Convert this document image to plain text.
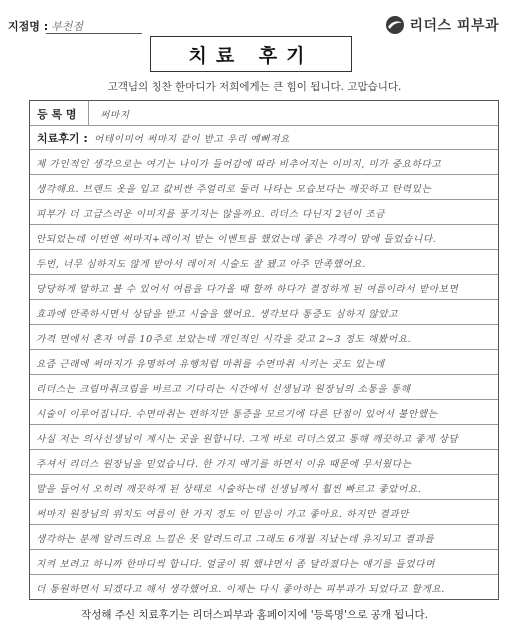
지점명 : 부천점	리더스 피부과
치료 후기
고객님의 칭찬 한마디가 저희에게는 큰 힘이 됩니다. 고맙습니다.
등 록 명 써마지
치료후기 : 어테이미어 써마지 같이 받고 우리 예뻐져요
제 가인적인 생각으로는 여기는 나이가 들어감에 따라 비추어지는 이미지, 미가 중요하다고
생각해요. 브랜드 옷을 입고 값비싼 주얼리로 둘러 나타는 모습보다는 깨끗하고 탄력있는
피부가 더 고급스러운 이미지를 풍기지는 않을까요. 리더스 다닌지 2년이 조금
안되었는데 이번엔 써마지+레이저 받는 이벤트를 했었는데 좋은 가격이 맘에 들었습니다.
두번, 너무 심하지도 않게 받아서 레이저 시술도 잘 됐고 아주 만족했어요.
당당하게 말하고 볼 수 있어서 여름을 다가올 때 할까 하다가 결정하게 된 여름이라서 받아보면
효과에 만족하시면서 상담을 받고 시술을 했어요. 생각보다 통증도 심하지 않았고
가격 면에서 혼자 여름 10주로 보았는데 개인적인 시각을 갖고 2~3 정도 해봤어요.
요즘 근래에 써마지가 유명하여 유행처럼 마취를 수면마취 시키는 곳도 있는데
리더스는 크림마취크림을 바르고 기다리는 시간에서 선생님과 원장님의 소통을 통해
시술이 이루어집니다. 수면마취는 편하지만 통증을 모르기에 다른 단점이 있어서 불안했는
사실 저는 의사선생님이 계시는 곳을 원합니다. 그게 바로 리더스였고 통해 깨끗하고 좋게 상담
주셔서 리더스 원장님을 믿었습니다. 한 가지 얘기를 하면서 이유 때문에 무서웠다는
말을 들어서 오히려 깨끗하게 된 상태로 시술하는데 선생님께서 훨씬 빠르고 좋았어요.
써마지 원장님의 위치도 여름이 한 가지 정도 이 믿음이 가고 좋아요. 하지만 결과만
생각하는 분께 알려드려요 느낌은 못 알려드리고 그래도 6개월 지났는데 유지되고 결과를
지켜 보려고 하니까 한마디씩 합니다. 얼굴이 뭐 했냐면서 좀 달라졌다는 얘기를 들었다며
더 통원하면서 되겠다고 해서 생각했어요. 이제는 다시 좋아하는 피부과가 되었다고 할게요.
작성해 주신 치료후기는 리더스피부과 홈페이지에 '등록명'으로 공개 됩니다.
